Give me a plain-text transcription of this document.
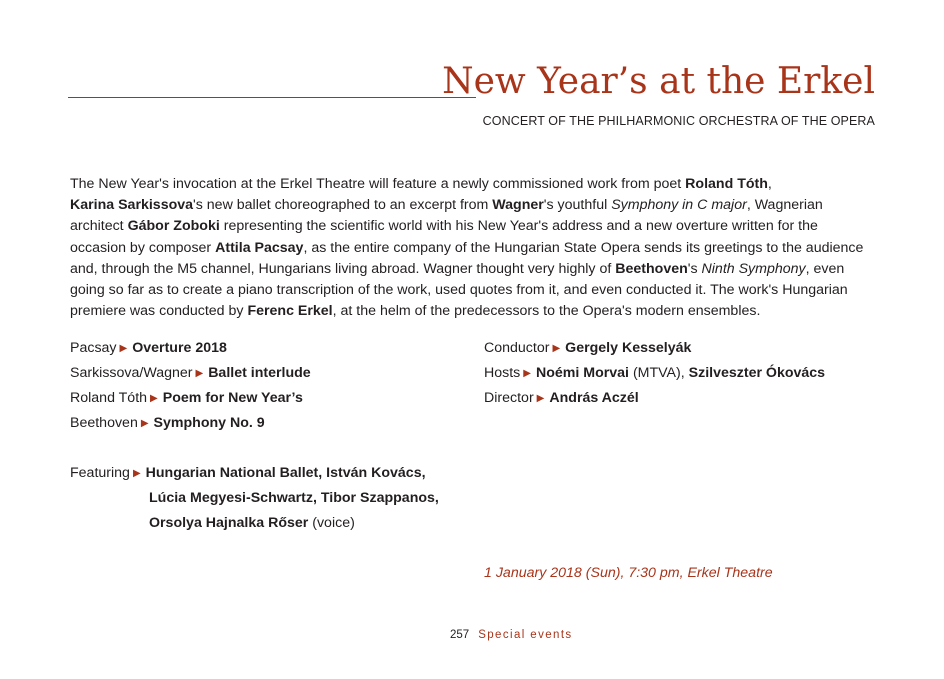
New Year’s at the Erkel
CONCERT OF THE PHILHARMONIC ORCHESTRA OF THE OPERA

The New Year's invocation at the Erkel Theatre will feature a newly commissioned work from poet Roland Tóth,
Karina Sarkissova's new ballet choreographed to an excerpt from Wagner's youthful Symphony in C major, Wagnerian
architect Gábor Zoboki representing the scientific world with his New Year's address and a new overture written for the
occasion by composer Attila Pacsay, as the entire company of the Hungarian State Opera sends its greetings to the audience
and, through the M5 channel, Hungarians living abroad. Wagner thought very highly of Beethoven's Ninth Symphony, even
going so far as to create a piano transcription of the work, used quotes from it, and even conducted it. The work's Hungarian
premiere was conducted by Ferenc Erkel, at the helm of the predecessors to the Opera's modern ensembles.

Pacsay ▶ Overture 2018
Sarkissova/Wagner ▶ Ballet interlude
Roland Tóth ▶ Poem for New Year’s
Beethoven ▶ Symphony No. 9
Conductor ▶ Gergely Kesselyák
Hosts ▶ Noémi Morvai (MTVA), Szilveszter Ókovács
Director ▶ András Aczél
Featuring ▶ Hungarian National Ballet, István Kovács,
Lúcia Megyesi-Schwartz, Tibor Szappanos,
Orsolya Hajnalka Rőser (voice)
1 January 2018 (Sun), 7:30 pm, Erkel Theatre
257 Special events
